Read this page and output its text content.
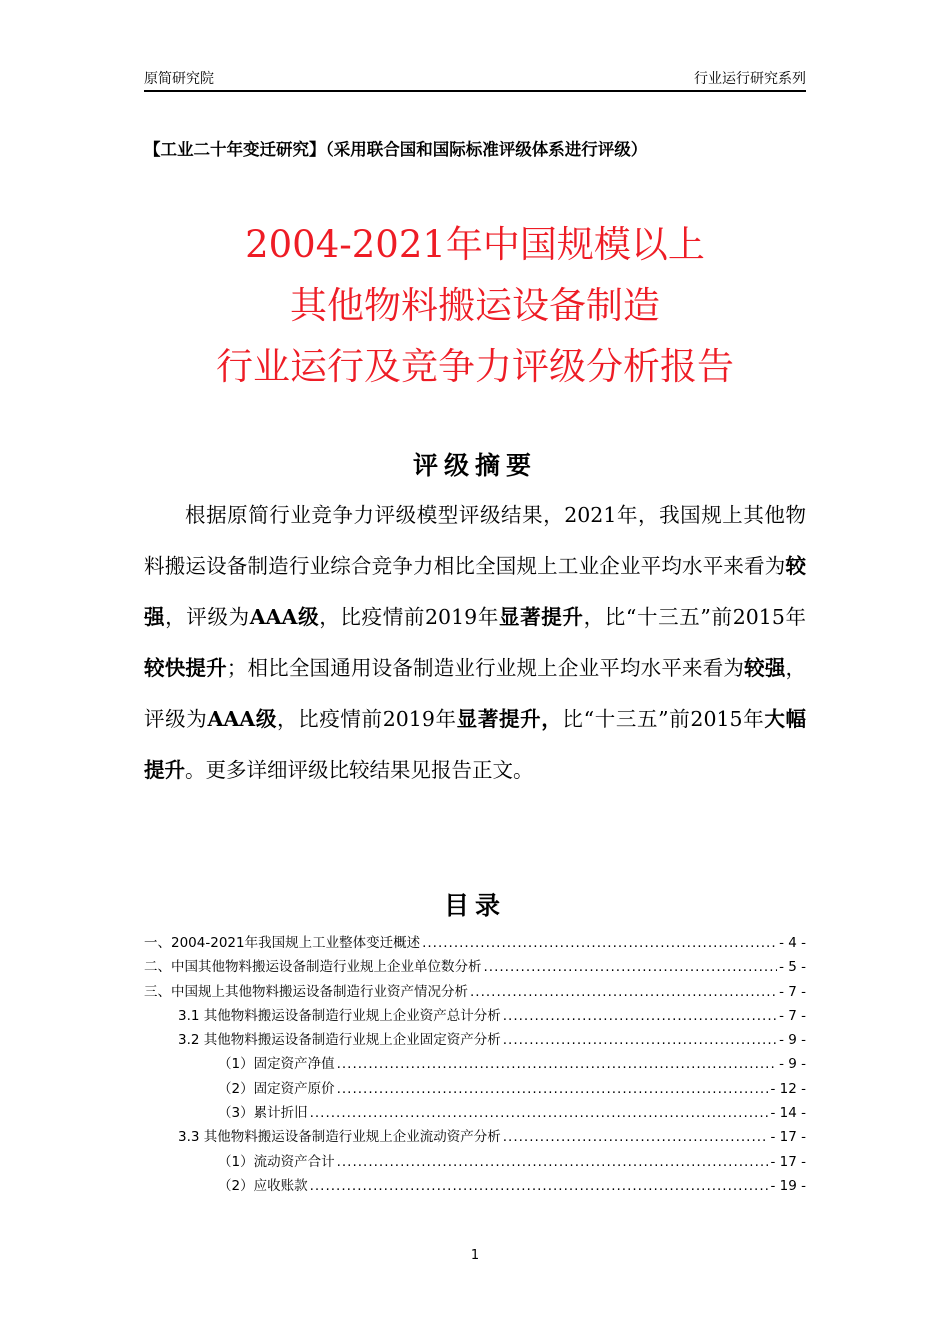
原简研究院	行业运行研究系列
【工业二十年变迁研究】（采用联合国和国际标准评级体系进行评级）
2004-2021年中国规模以上
其他物料搬运设备制造
行业运行及竞争力评级分析报告
评级摘要
根据原简行业竞争力评级模型评级结果，2021年，我国规上其他物料搬运设备制造行业综合竞争力相比全国规上工业企业平均水平来看为较强，评级为AAA级，比疫情前2019年显著提升，比“十三五”前2015年较快提升；相比全国通用设备制造业行业规上企业平均水平来看为较强，评级为AAA级，比疫情前2019年显著提升，比“十三五”前2015年大幅提升。更多详细评级比较结果见报告正文。
目录
一、2004-2021年我国规上工业整体变迁概述 .....	- 4 -
二、中国其他物料搬运设备制造行业规上企业单位数分析 .....	- 5 -
三、中国规上其他物料搬运设备制造行业资产情况分析 .....	- 7 -
3.1 其他物料搬运设备制造行业规上企业资产总计分析 .....	- 7 -
3.2 其他物料搬运设备制造行业规上企业固定资产分析 .....	- 9 -
（1）固定资产净值 .....	- 9 -
（2）固定资产原价 .....	- 12 -
（3）累计折旧 .....	- 14 -
3.3 其他物料搬运设备制造行业规上企业流动资产分析 .....	- 17 -
（1）流动资产合计 .....	- 17 -
（2）应收账款 .....	- 19 -
1
